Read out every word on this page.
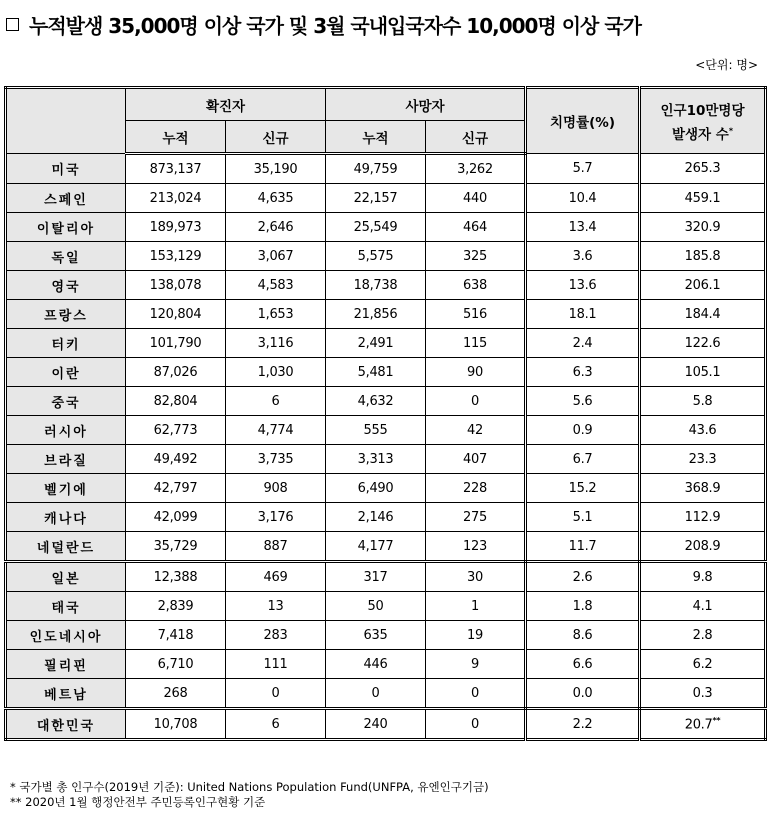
누적발생 35,000명 이상 국가 및 3월 국내입국자수 10,000명 이상 국가
<단위: 명>
	확진자		사망자		치명률(%)	인구10만명당
발생자 수*

	누적	신규	누적	신규		
미국	873,137	35,190	49,759	3,262	5.7	265.3
스페인	213,024	4,635	22,157	440	10.4	459.1
이탈리아	189,973	2,646	25,549	464	13.4	320.9
독일	153,129	3,067	5,575	325	3.6	185.8
영국	138,078	4,583	18,738	638	13.6	206.1
프랑스	120,804	1,653	21,856	516	18.1	184.4
터키	101,790	3,116	2,491	115	2.4	122.6
이란	87,026	1,030	5,481	90	6.3	105.1
중국	82,804	6	4,632	0	5.6	5.8
러시아	62,773	4,774	555	42	0.9	43.6
브라질	49,492	3,735	3,313	407	6.7	23.3
벨기에	42,797	908	6,490	228	15.2	368.9
캐나다	42,099	3,176	2,146	275	5.1	112.9
네덜란드	35,729	887	4,177	123	11.7	208.9
일본	12,388	469	317	30	2.6	9.8
태국	2,839	13	50	1	1.8	4.1
인도네시아	7,418	283	635	19	8.6	2.8
필리핀	6,710	111	446	9	6.6	6.2
베트남	268	0	0	0	0.0	0.3
대한민국	10,708	6	240	0	2.2	20.7**
* 국가별 총 인구수(2019년 기준): United Nations Population Fund(UNFPA, 유엔인구기금)
** 2020년 1월 행정안전부 주민등록인구현황 기준
